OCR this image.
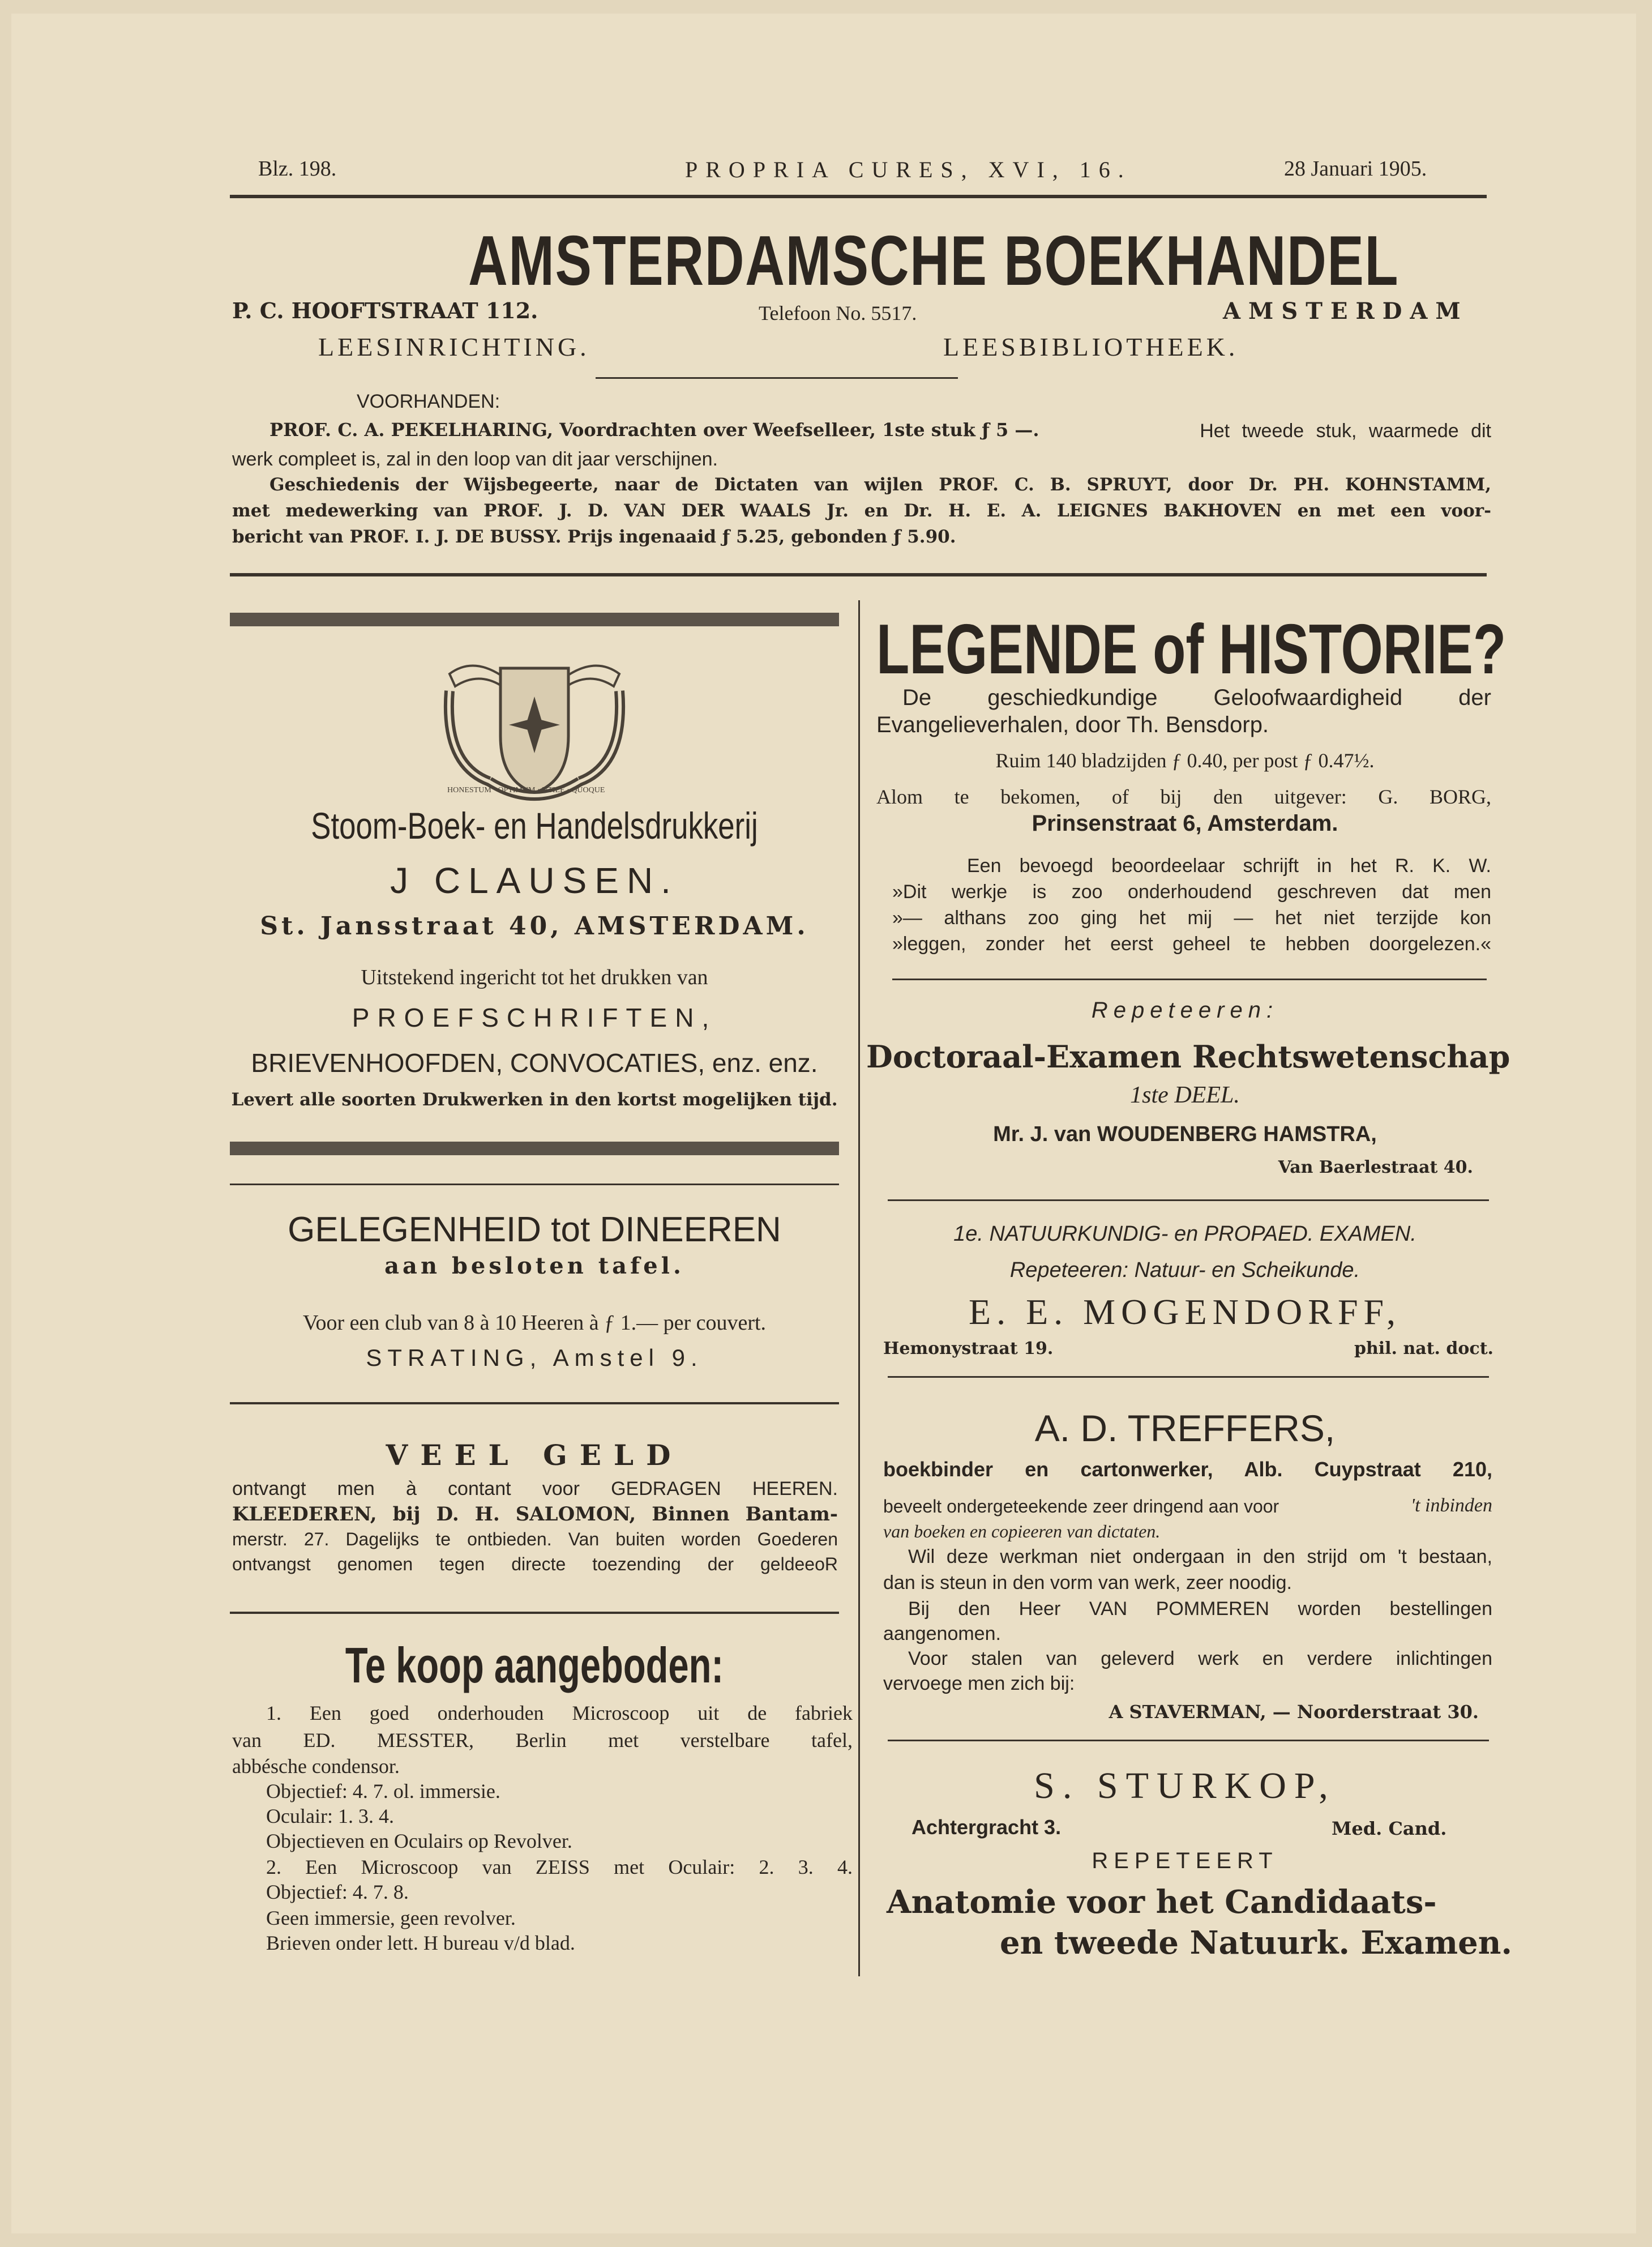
Blz. 198.	PROPRIA CURES, XVI, 16.	28 Januari 1905.
AMSTERDAMSCHE BOEKHANDEL
P. C. HOOFTSTRAAT 112.	Telefoon No. 5517.	AMSTERDAM
LEESINRICHTING.	LEESBIBLIOTHEEK.
VOORHANDEN:
PROF. C. A. PEKELHARING, Voordrachten over Weefselleer, 1ste stuk ƒ 5 —.	Het tweede stuk, waarmede dit
werk compleet is, zal in den loop van dit jaar verschijnen.
Geschiedenis der Wijsbegeerte, naar de Dictaten van wijlen PROF. C. B. SPRUYT, door Dr. PH. KOHNSTAMM,
met medewerking van PROF. J. D. VAN DER WAALS Jr. en Dr. H. E. A. LEIGNES BAKHOVEN en met een voor-
bericht van PROF. I. J. DE BUSSY. Prijs ingenaaid ƒ 5.25, gebonden ƒ 5.90.
HONESTUM · OPTIMUM · UTILE · QUOQUE
Stoom-Boek- en Handelsdrukkerij
J CLAUSEN.
St. Jansstraat 40, AMSTERDAM.
Uitstekend ingericht tot het drukken van
PROEFSCHRIFTEN,
BRIEVENHOOFDEN, CONVOCATIES, enz. enz.
Levert alle soorten Drukwerken in den kortst mogelijken tijd.
GELEGENHEID tot DINEEREN
aan besloten tafel.
Voor een club van 8 à 10 Heeren à ƒ 1.— per couvert.
STRATING, Amstel 9.
VEEL GELD
ontvangt men à contant voor GEDRAGEN HEEREN.
KLEEDEREN, bij D. H. SALOMON, Binnen Bantam-
merstr. 27. Dagelijks te ontbieden. Van buiten worden Goederen
ontvangst genomen tegen directe toezending der geldeeoR
Te koop aangeboden:
1. Een goed onderhouden Microscoop uit de fabriek
van ED. MESSTER, Berlin met verstelbare tafel,
abbésche condensor.
Objectief: 4. 7. ol. immersie.
Oculair: 1. 3. 4.
Objectieven en Oculairs op Revolver.
2. Een Microscoop van ZEISS met Oculair: 2. 3. 4.
Objectief: 4. 7. 8.
Geen immersie, geen revolver.
Brieven onder lett. H bureau v/d blad.
LEGENDE of HISTORIE?
De geschiedkundige Geloofwaardigheid der
Evangelieverhalen, door Th. Bensdorp.
Ruim 140 bladzijden ƒ 0.40, per post ƒ 0.47½.
Alom te bekomen, of bij den uitgever: G. BORG,
Prinsenstraat 6, Amsterdam.
Een bevoegd beoordeelaar schrijft in het R. K. W.
»Dit werkje is zoo onderhoudend geschreven dat men
»— althans zoo ging het mij — het niet terzijde kon
»leggen, zonder het eerst geheel te hebben doorgelezen.«
Repeteeren:
Doctoraal-Examen Rechtswetenschap
1ste DEEL.
Mr. J. van WOUDENBERG HAMSTRA,
Van Baerlestraat 40.
1e. NATUURKUNDIG- en PROPAED. EXAMEN.
Repeteeren: Natuur- en Scheikunde.
E. E. MOGENDORFF,
Hemonystraat 19.	phil. nat. doct.
A. D. TREFFERS,
boekbinder en cartonwerker, Alb. Cuypstraat 210,
beveelt ondergeteekende zeer dringend aan voor	't inbinden
van boeken en copieeren van dictaten.
Wil deze werkman niet ondergaan in den strijd om 't bestaan,
dan is steun in den vorm van werk, zeer noodig.
Bij den Heer VAN POMMEREN worden bestellingen
aangenomen.
Voor stalen van geleverd werk en verdere inlichtingen
vervoege men zich bij:
A STAVERMAN, — Noorderstraat 30.
S. STURKOP,
Achtergracht 3.	Med. Cand.
REPETEERT
Anatomie voor het Candidaats-
en tweede Natuurk. Examen.
